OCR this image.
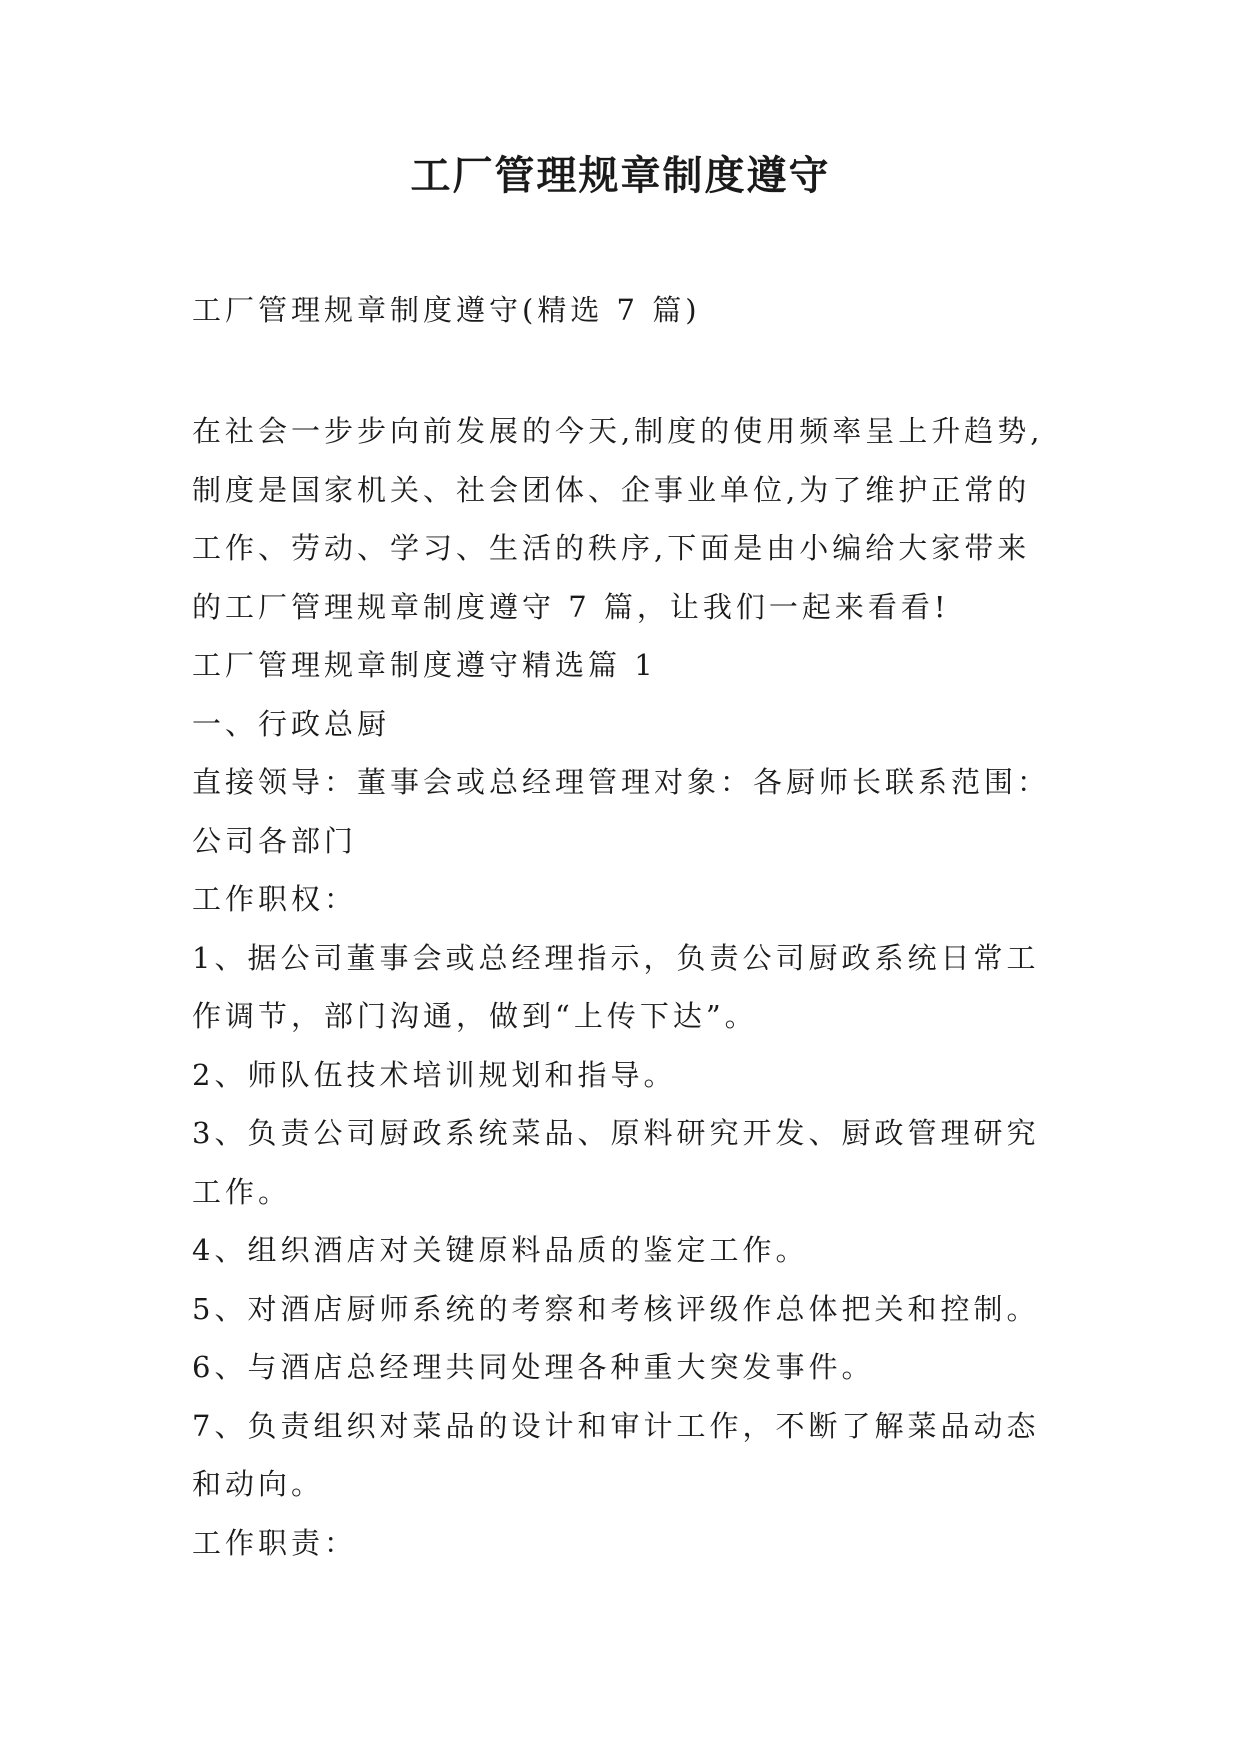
工厂管理规章制度遵守

工厂管理规章制度遵守(精选 7 篇)

在社会一步步向前发展的今天,制度的使用频率呈上升趋势,

制度是国家机关、社会团体、企事业单位,为了维护正常的

工作、劳动、学习、生活的秩序,下面是由小编给大家带来

的工厂管理规章制度遵守 7 篇，让我们一起来看看!

工厂管理规章制度遵守精选篇 1

一、行政总厨

直接领导：董事会或总经理管理对象：各厨师长联系范围：

公司各部门

工作职权：

1、据公司董事会或总经理指示，负责公司厨政系统日常工

作调节，部门沟通，做到“上传下达”。

2、师队伍技术培训规划和指导。

3、负责公司厨政系统菜品、原料研究开发、厨政管理研究

工作。

4、组织酒店对关键原料品质的鉴定工作。

5、对酒店厨师系统的考察和考核评级作总体把关和控制。

6、与酒店总经理共同处理各种重大突发事件。

7、负责组织对菜品的设计和审计工作，不断了解菜品动态

和动向。

工作职责：
